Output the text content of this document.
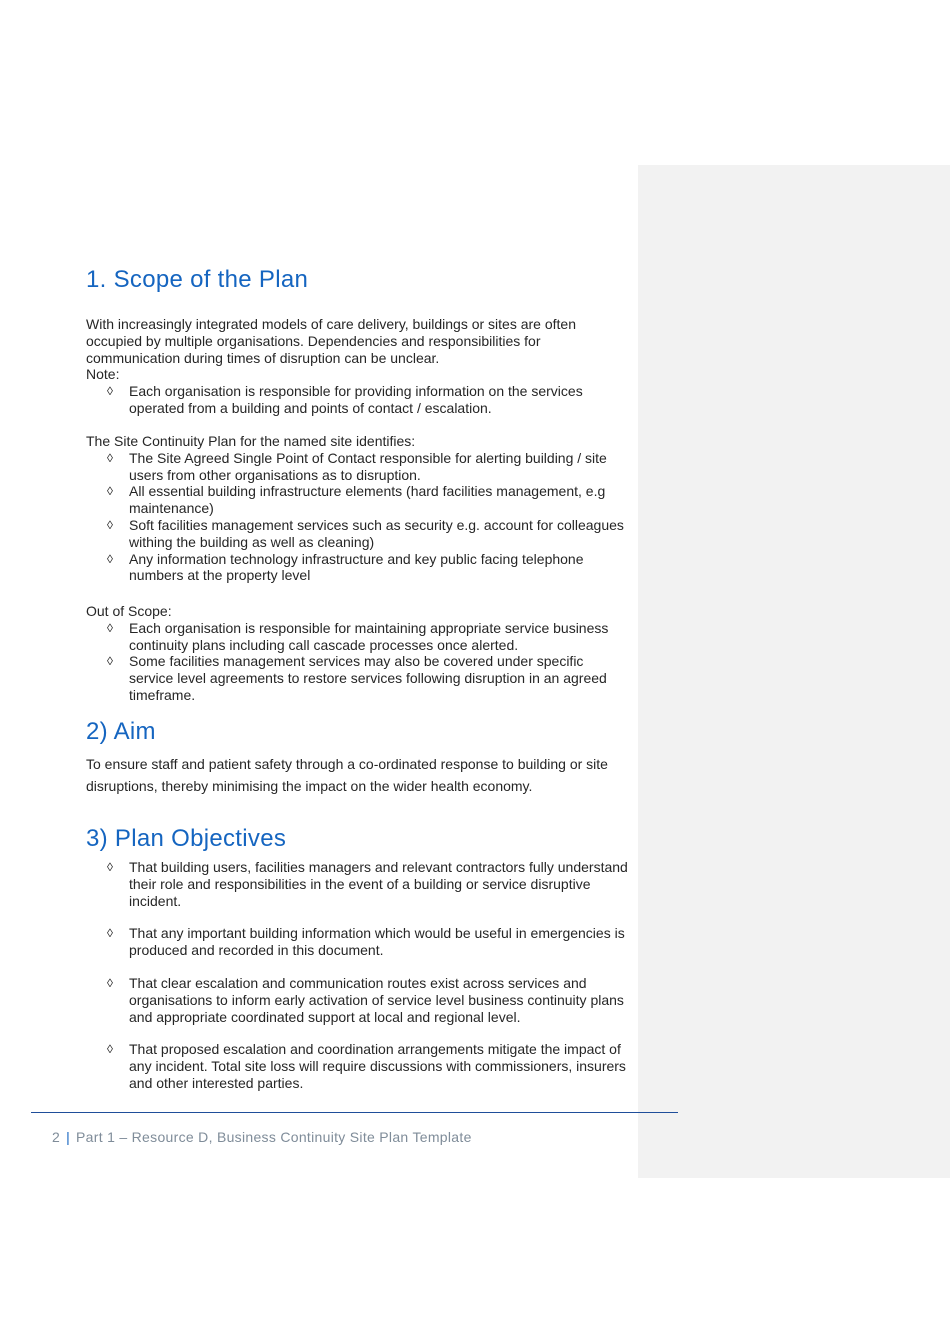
1. Scope of the Plan

With increasingly integrated models of care delivery, buildings or sites are often occupied by multiple organisations. Dependencies and responsibilities for communication during times of disruption can be unclear.

Note:

◊ Each organisation is responsible for providing information on the services operated from a building and points of contact / escalation.

The Site Continuity Plan for the named site identifies:

◊ The Site Agreed Single Point of Contact responsible for alerting building / site users from other organisations as to disruption.
◊ All essential building infrastructure elements (hard facilities management, e.g maintenance)
◊ Soft facilities management services such as security e.g. account for colleagues withing the building as well as cleaning)
◊ Any information technology infrastructure and key public facing telephone numbers at the property level

Out of Scope:

◊ Each organisation is responsible for maintaining appropriate service business continuity plans including call cascade processes once alerted.
◊ Some facilities management services may also be covered under specific service level agreements to restore services following disruption in an agreed timeframe.
2) Aim

To ensure staff and patient safety through a co-ordinated response to building or site disruptions, thereby minimising the impact on the wider health economy.

3) Plan Objectives
◊ That building users, facilities managers and relevant contractors fully understand their role and responsibilities in the event of a building or service disruptive incident.
◊ That any important building information which would be useful in emergencies is produced and recorded in this document.
◊ That clear escalation and communication routes exist across services and organisations to inform early activation of service level business continuity plans and appropriate coordinated support at local and regional level.
◊ That proposed escalation and coordination arrangements mitigate the impact of any incident. Total site loss will require discussions with commissioners, insurers and other interested parties.
2 | Part 1 – Resource D, Business Continuity Site Plan Template
